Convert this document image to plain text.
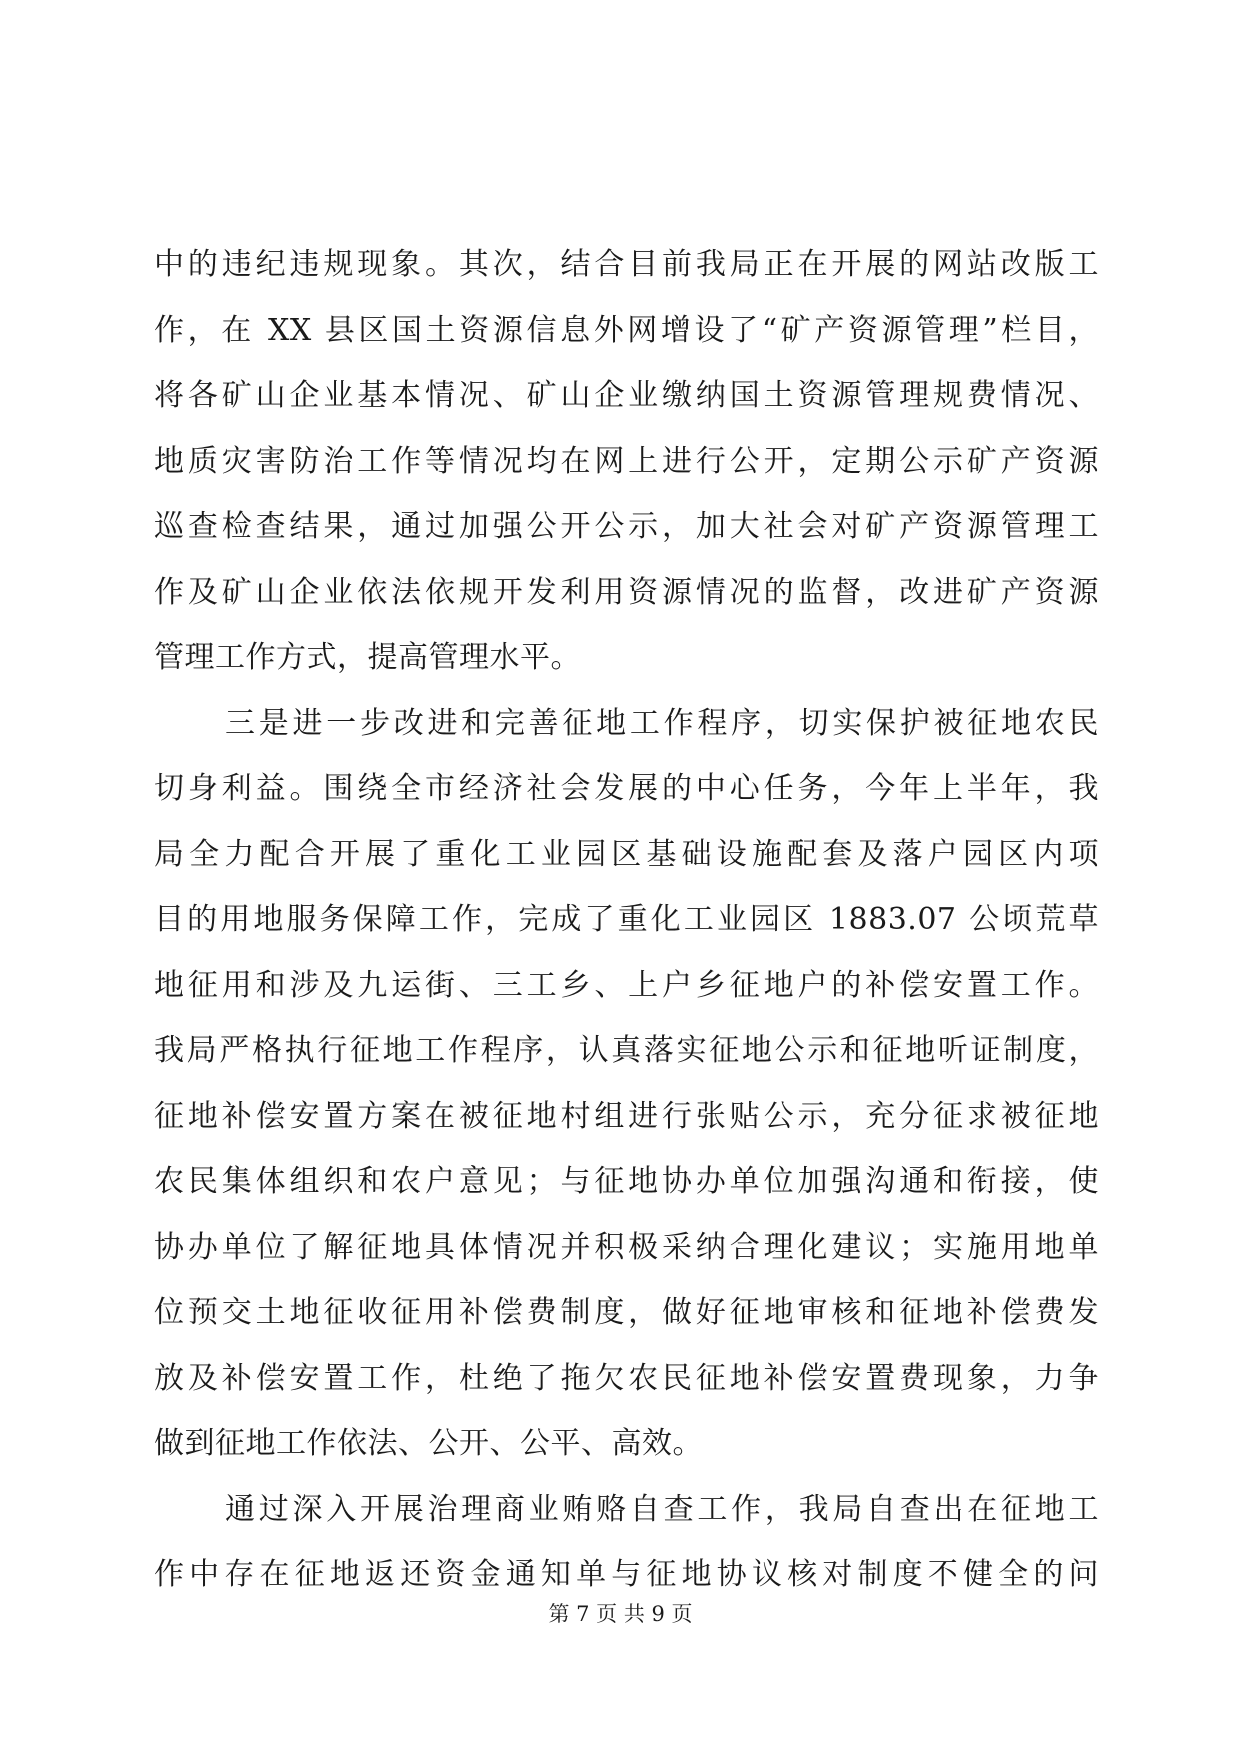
中的违纪违规现象。其次，结合目前我局正在开展的网站改版工
作，在 XX 县区国土资源信息外网增设了“矿产资源管理”栏目，
将各矿山企业基本情况、矿山企业缴纳国土资源管理规费情况、
地质灾害防治工作等情况均在网上进行公开，定期公示矿产资源
巡查检查结果，通过加强公开公示，加大社会对矿产资源管理工
作及矿山企业依法依规开发利用资源情况的监督，改进矿产资源
管理工作方式，提高管理水平。
三是进一步改进和完善征地工作程序，切实保护被征地农民
切身利益。围绕全市经济社会发展的中心任务，今年上半年，我
局全力配合开展了重化工业园区基础设施配套及落户园区内项
目的用地服务保障工作，完成了重化工业园区 1883.07 公顷荒草
地征用和涉及九运街、三工乡、上户乡征地户的补偿安置工作。
我局严格执行征地工作程序，认真落实征地公示和征地听证制度，
征地补偿安置方案在被征地村组进行张贴公示，充分征求被征地
农民集体组织和农户意见；与征地协办单位加强沟通和衔接，使
协办单位了解征地具体情况并积极采纳合理化建议；实施用地单
位预交土地征收征用补偿费制度，做好征地审核和征地补偿费发
放及补偿安置工作，杜绝了拖欠农民征地补偿安置费现象，力争
做到征地工作依法、公开、公平、高效。
通过深入开展治理商业贿赂自查工作，我局自查出在征地工
作中存在征地返还资金通知单与征地协议核对制度不健全的问
第 7 页 共 9 页
